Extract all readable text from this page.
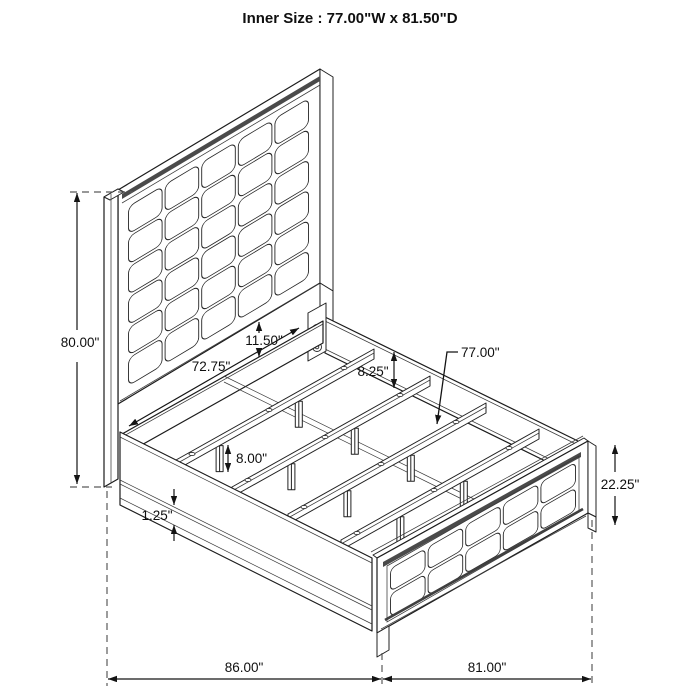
80.00"	11.50"
72.75"	8.25"
77.00"
8.00"
1.25"
22.25"
86.00"	81.00"
Inner Size : 77.00"W x 81.50"D
